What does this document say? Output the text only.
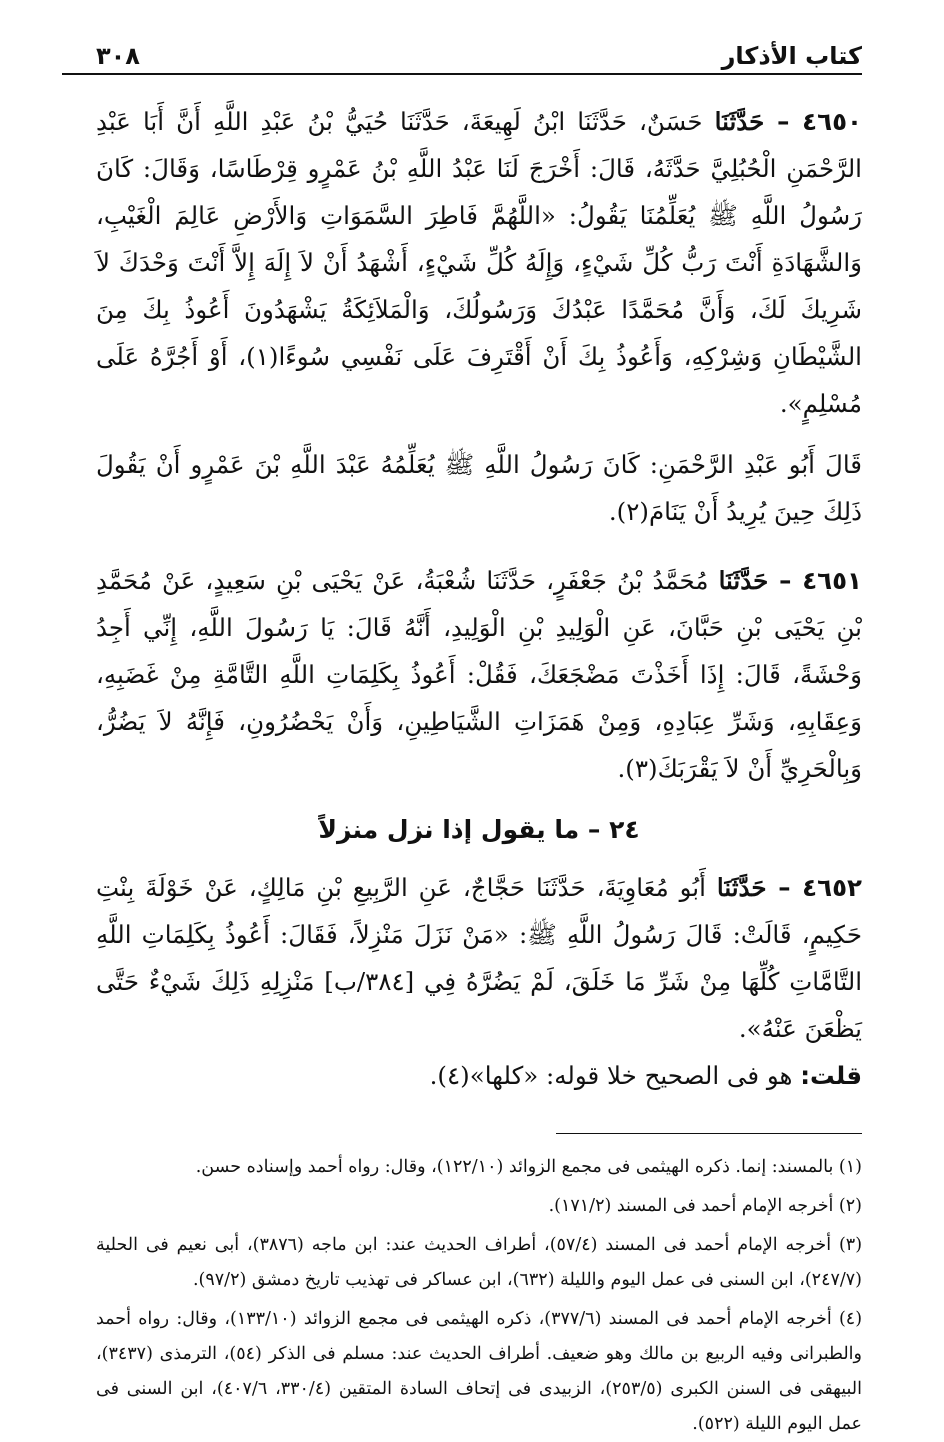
كتاب الأذكار
٣٠٨

٤٦٥٠ – حَدَّثَنَا حَسَنٌ، حَدَّثَنَا ابْنُ لَهِيعَةَ، حَدَّثَنَا حُيَيُّ بْنُ عَبْدِ اللَّهِ أَنَّ أَبَا عَبْدِ الرَّحْمَنِ الْحُبُلِيَّ حَدَّثَهُ، قَالَ: أَخْرَجَ لَنَا عَبْدُ اللَّهِ بْنُ عَمْرٍو قِرْطَاسًا، وَقَالَ: كَانَ رَسُولُ اللَّهِ ﷺ يُعَلِّمُنَا يَقُولُ: «اللَّهُمَّ فَاطِرَ السَّمَوَاتِ وَالأَرْضِ عَالِمَ الْغَيْبِ، وَالشَّهَادَةِ أَنْتَ رَبُّ كُلِّ شَيْءٍ، وَإِلَهُ كُلِّ شَيْءٍ، أَشْهَدُ أَنْ لاَ إِلَهَ إِلاَّ أَنْتَ وَحْدَكَ لاَ شَرِيكَ لَكَ، وَأَنَّ مُحَمَّدًا عَبْدُكَ وَرَسُولُكَ، وَالْمَلاَئِكَةُ يَشْهَدُونَ أَعُوذُ بِكَ مِنَ الشَّيْطَانِ وَشِرْكِهِ، وَأَعُوذُ بِكَ أَنْ أَقْتَرِفَ عَلَى نَفْسِي سُوءًا(١)، أَوْ أَجُرَّهُ عَلَى مُسْلِمٍ».

قَالَ أَبُو عَبْدِ الرَّحْمَنِ: كَانَ رَسُولُ اللَّهِ ﷺ يُعَلِّمُهُ عَبْدَ اللَّهِ بْنَ عَمْرٍو أَنْ يَقُولَ ذَلِكَ حِينَ يُرِيدُ أَنْ يَنَامَ(٢).

٤٦٥١ – حَدَّثَنَا مُحَمَّدُ بْنُ جَعْفَرٍ، حَدَّثَنَا شُعْبَةُ، عَنْ يَحْيَى بْنِ سَعِيدٍ، عَنْ مُحَمَّدِ بْنِ يَحْيَى بْنِ حَبَّانَ، عَنِ الْوَلِيدِ بْنِ الْوَلِيدِ، أَنَّهُ قَالَ: يَا رَسُولَ اللَّهِ، إِنِّي أَجِدُ وَحْشَةً، قَالَ: إِذَا أَخَذْتَ مَضْجَعَكَ، فَقُلْ: أَعُوذُ بِكَلِمَاتِ اللَّهِ التَّامَّةِ مِنْ غَضَبِهِ، وَعِقَابِهِ، وَشَرِّ عِبَادِهِ، وَمِنْ هَمَزَاتِ الشَّيَاطِينِ، وَأَنْ يَحْضُرُونِ، فَإِنَّهُ لاَ يَضُرُّ، وَبِالْحَرِيِّ أَنْ لاَ يَقْرَبَكَ(٣).

٢٤ – ما يقول إذا نزل منزلاً

٤٦٥٢ – حَدَّثَنَا أَبُو مُعَاوِيَةَ، حَدَّثَنَا حَجَّاجٌ، عَنِ الرَّبِيعِ بْنِ مَالِكٍ، عَنْ خَوْلَةَ بِنْتِ حَكِيمٍ، قَالَتْ: قَالَ رَسُولُ اللَّهِ ﷺ: «مَنْ نَزَلَ مَنْزِلاً، فَقَالَ: أَعُوذُ بِكَلِمَاتِ اللَّهِ التَّامَّاتِ كُلِّهَا مِنْ شَرِّ مَا خَلَقَ، لَمْ يَضُرَّهُ فِي [٣٨٤/ب] مَنْزِلِهِ ذَلِكَ شَيْءٌ حَتَّى يَظْعَنَ عَنْهُ».

قلت: هو فى الصحيح خلا قوله: «كلها»(٤).

(١) بالمسند: إنما. ذكره الهيثمى فى مجمع الزوائد (١٢٢/١٠)، وقال: رواه أحمد وإسناده حسن.

(٢) أخرجه الإمام أحمد فى المسند (١٧١/٢).

(٣) أخرجه الإمام أحمد فى المسند (٥٧/٤)، أطراف الحديث عند: ابن ماجه (٣٨٧٦)، أبى نعيم فى الحلية (٢٤٧/٧)، ابن السنى فى عمل اليوم والليلة (٦٣٢)، ابن عساكر فى تهذيب تاريخ دمشق (٩٧/٢).

(٤) أخرجه الإمام أحمد فى المسند (٣٧٧/٦)، ذكره الهيثمى فى مجمع الزوائد (١٣٣/١٠)، وقال: رواه أحمد والطبرانى وفيه الربيع بن مالك وهو ضعيف. أطراف الحديث عند: مسلم فى الذكر (٥٤)، الترمذى (٣٤٣٧)، البيهقى فى السنن الكبرى (٢٥٣/٥)، الزبيدى فى إتحاف السادة المتقين (٣٣٠/٤، ٤٠٧/٦)، ابن السنى فى عمل اليوم الليلة (٥٢٢).
